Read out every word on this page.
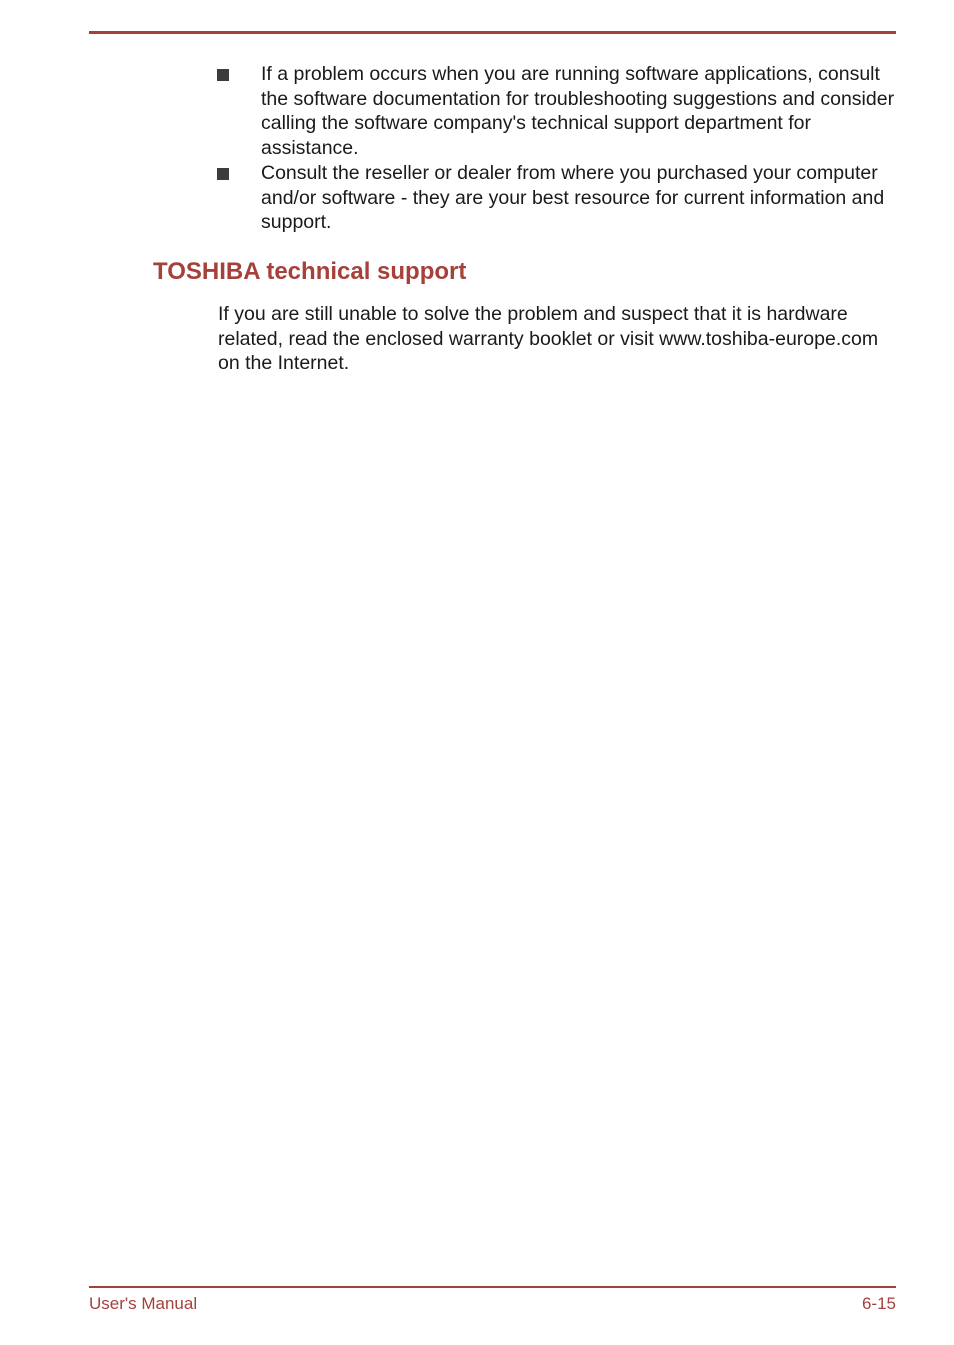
If a problem occurs when you are running software applications, consult the software documentation for troubleshooting suggestions and consider calling the software company's technical support department for assistance.
Consult the reseller or dealer from where you purchased your computer and/or software - they are your best resource for current information and support.
TOSHIBA technical support

If you are still unable to solve the problem and suspect that it is hardware related, read the enclosed warranty booklet or visit www.toshiba-europe.com on the Internet.

User's Manual	6-15
